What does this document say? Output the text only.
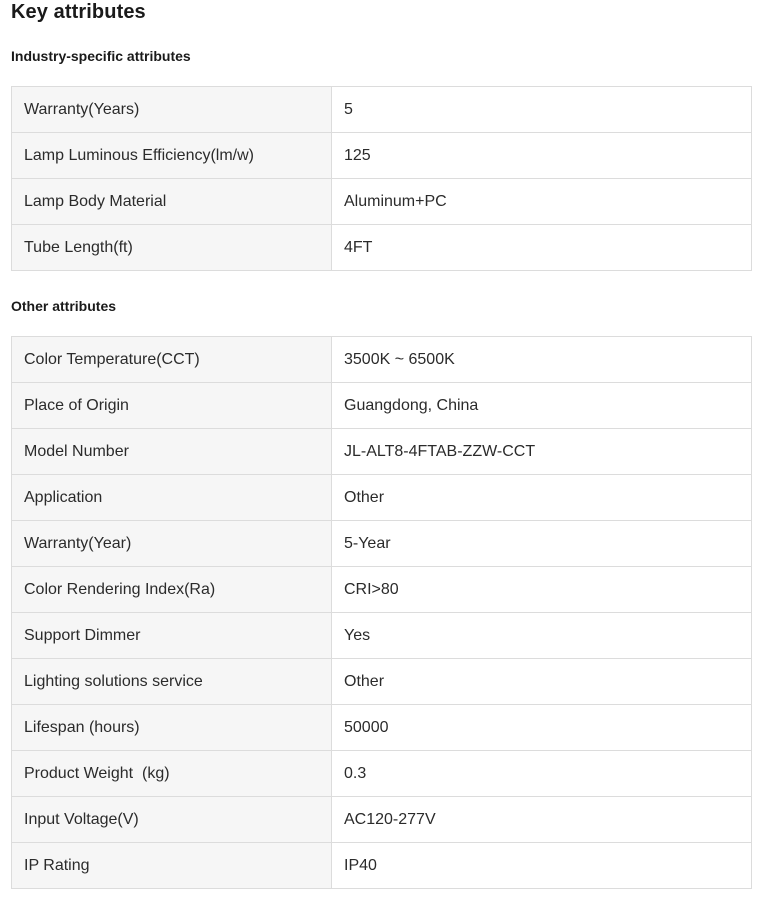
Key attributes
Industry-specific attributes
Warranty(Years)	5
Lamp Luminous Efficiency(lm/w)	125
Lamp Body Material	Aluminum+PC
Tube Length(ft)	4FT
Other attributes
Color Temperature(CCT)	3500K ~ 6500K
Place of Origin	Guangdong, China
Model Number	JL-ALT8-4FTAB-ZZW-CCT
Application	Other
Warranty(Year)	5-Year
Color Rendering Index(Ra)	CRI>80
Support Dimmer	Yes
Lighting solutions service	Other
Lifespan (hours)	50000
Product Weight  (kg)	0.3
Input Voltage(V)	AC120-277V
IP Rating	IP40
